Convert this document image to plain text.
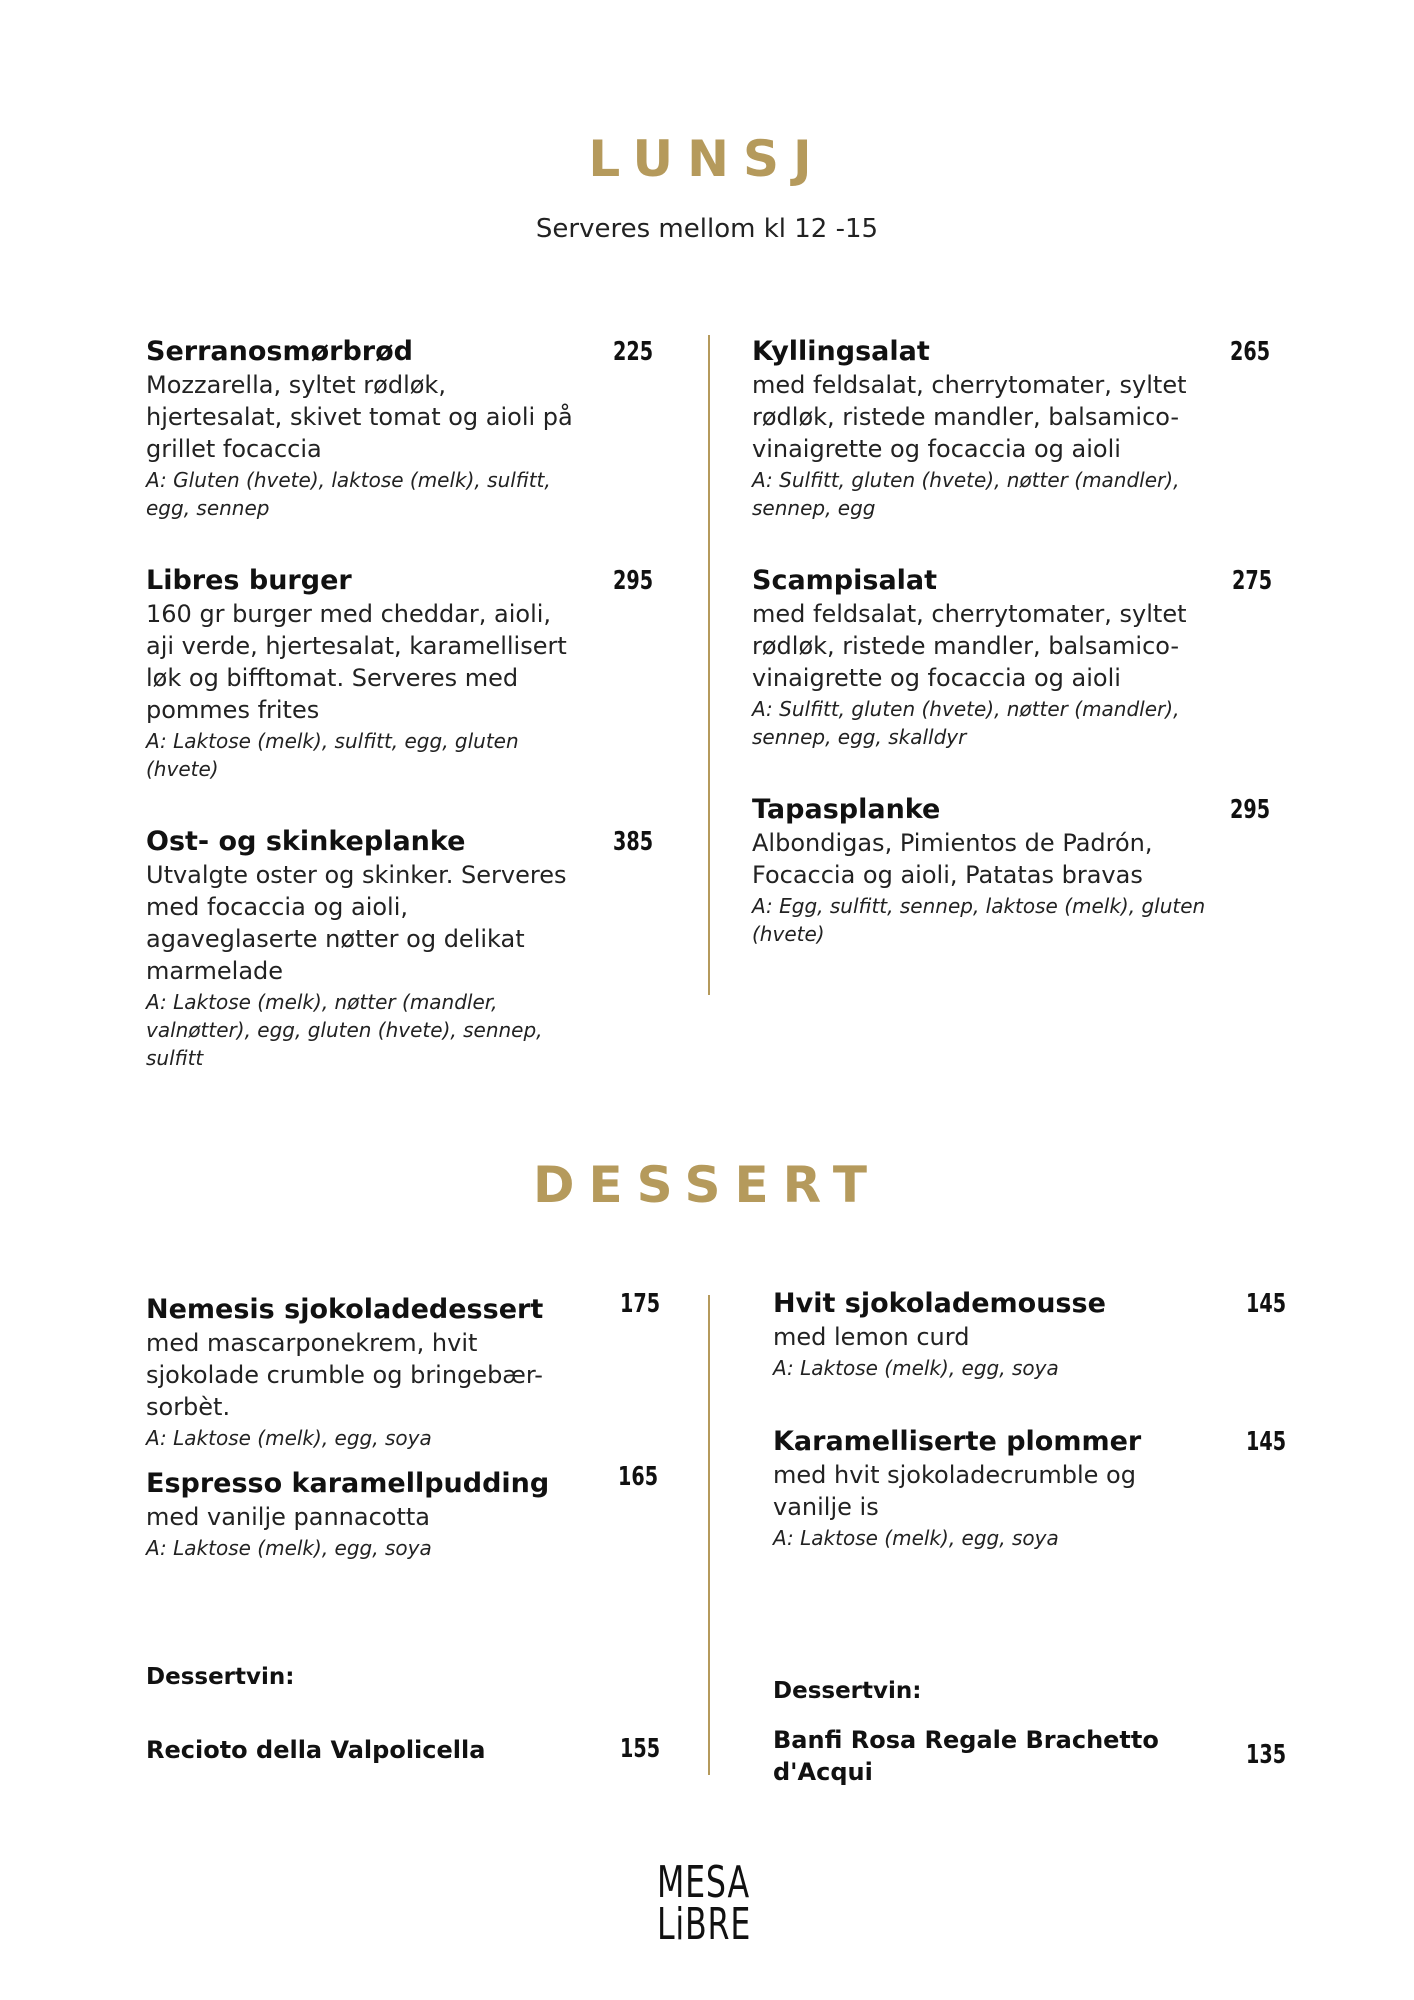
LUNSJ
Serveres mellom kl 12 -15
Serranosmørbrød
Mozzarella, syltet rødløk, hjertesalat, skivet tomat og aioli på grillet focaccia
A: Gluten (hvete), laktose (melk), sulfitt, egg, sennep
225
Libres burger
160 gr burger med cheddar, aioli, aji verde, hjertesalat, karamellisert løk og bifftomat. Serveres med pommes frites
A: Laktose (melk), sulfitt, egg, gluten (hvete)
295
Ost- og skinkeplanke
Utvalgte oster og skinker. Serveres med focaccia og aioli, agaveglaserte nøtter og delikat marmelade
A: Laktose (melk), nøtter (mandler, valnøtter), egg, gluten (hvete), sennep, sulfitt
385
Kyllingsalat
med feldsalat, cherrytomater, syltet rødløk, ristede mandler, balsamico-vinaigrette og focaccia og aioli
A: Sulfitt, gluten (hvete), nøtter (mandler), sennep, egg
265
Scampisalat
med feldsalat, cherrytomater, syltet rødløk, ristede mandler, balsamico-vinaigrette og focaccia og aioli
A: Sulfitt, gluten (hvete), nøtter (mandler), sennep, egg, skalldyr
275
Tapasplanke
Albondigas, Pimientos de Padrón, Focaccia og aioli, Patatas bravas
A: Egg, sulfitt, sennep, laktose (melk), gluten (hvete)
295
DESSERT
Nemesis sjokoladedessert
med mascarponekrem, hvit sjokolade crumble og bringebær-sorbèt.
A: Laktose (melk), egg, soya
175
Espresso karamellpudding
med vanilje pannacotta
A: Laktose (melk), egg, soya
165
Hvit sjokolademousse
med lemon curd
A: Laktose (melk), egg, soya
145
Karamelliserte plommer
med hvit sjokoladecrumble og vanilje is
A: Laktose (melk), egg, soya
145
Dessertvin:
Recioto della Valpolicella	155
Dessertvin:
Banfi Rosa Regale Brachetto d'Acqui
135
MESA
LiBRE
